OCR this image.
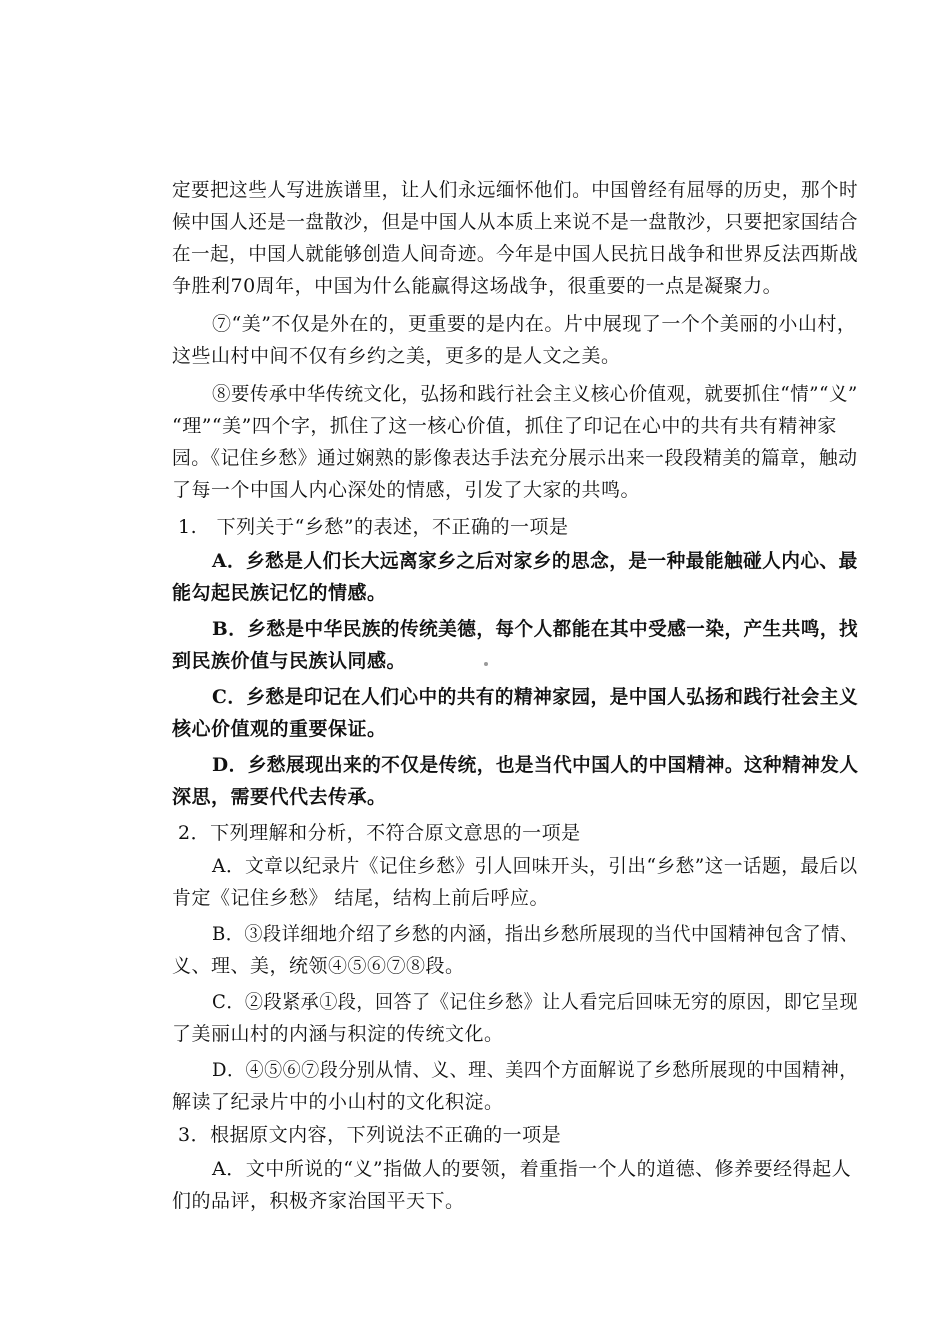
定要把这些人写进族谱里，让人们永远缅怀他们。中国曾经有屈辱的历史，那个时
候中国人还是一盘散沙，但是中国人从本质上来说不是一盘散沙，只要把家国结合
在一起，中国人就能够创造人间奇迹。今年是中国人民抗日战争和世界反法西斯战
争胜利70周年，中国为什么能赢得这场战争，很重要的一点是凝聚力。
⑦“美”不仅是外在的，更重要的是内在。片中展现了一个个美丽的小山村，
这些山村中间不仅有乡约之美，更多的是人文之美。
⑧要传承中华传统文化，弘扬和践行社会主义核心价值观，就要抓住“情”“义”
“理”“美”四个字，抓住了这一核心价值，抓住了印记在心中的共有共有精神家
园。《记住乡愁》通过娴熟的影像表达手法充分展示出来一段段精美的篇章，触动
了每一个中国人内心深处的情感，引发了大家的共鸣。
1.　下列关于“乡愁”的表述，不正确的一项是
A．乡愁是人们长大远离家乡之后对家乡的思念，是一种最能触碰人内心、最
能勾起民族记忆的情感。
B．乡愁是中华民族的传统美德，每个人都能在其中受感一染，产生共鸣，找
到民族价值与民族认同感。
C．乡愁是印记在人们心中的共有的精神家园，是中国人弘扬和践行社会主义
核心价值观的重要保证。
D．乡愁展现出来的不仅是传统，也是当代中国人的中国精神。这种精神发人
深思，需要代代去传承。
2．下列理解和分析，不符合原文意思的一项是
A．文章以纪录片《记住乡愁》引人回味开头，引出“乡愁”这一话题，最后以
肯定《记住乡愁》 结尾，结构上前后呼应。
B．③段详细地介绍了乡愁的内涵，指出乡愁所展现的当代中国精神包含了情、
义、理、美，统领④⑤⑥⑦⑧段。
C．②段紧承①段，回答了《记住乡愁》让人看完后回味无穷的原因，即它呈现
了美丽山村的内涵与积淀的传统文化。
D．④⑤⑥⑦段分别从情、义、理、美四个方面解说了乡愁所展现的中国精神，
解读了纪录片中的小山村的文化积淀。
3．根据原文内容，下列说法不正确的一项是
A．文中所说的“义”指做人的要领，着重指一个人的道德、修养要经得起人
们的品评，积极齐家治国平天下。
